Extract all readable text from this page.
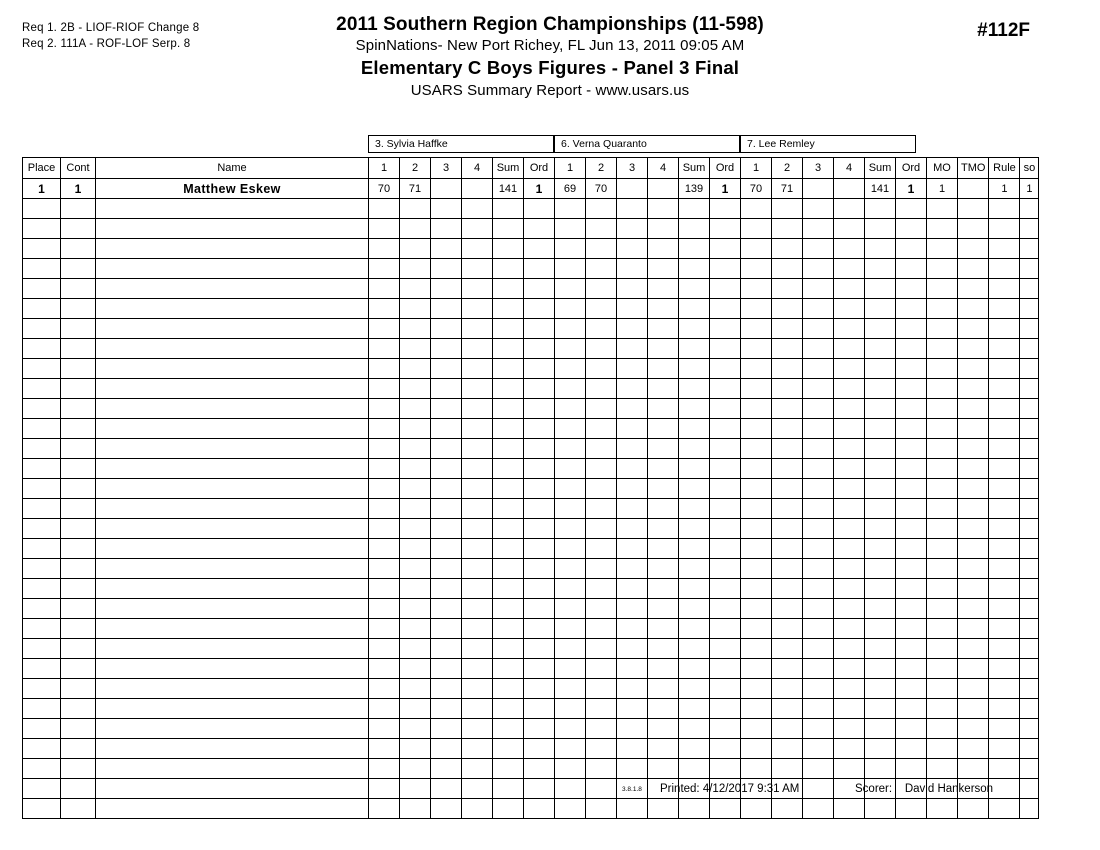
Req 1. 2B - LIOF-RIOF Change 8
Req 2. 111A - ROF-LOF Serp. 8
2011 Southern Region Championships (11-598)
SpinNations- New Port Richey, FL Jun 13, 2011 09:05 AM
Elementary C Boys Figures - Panel 3 Final
USARS Summary Report - www.usars.us
#112F
3. Sylvia Haffke	6. Verna Quaranto	7. Lee Remley
Place	Cont	Name	1	2	3	4	Sum	Ord	1	2	3	4	Sum	Ord	1	2	3	4	Sum	Ord	MO	TMO	Rule	so
1	1	Matthew Eskew	70	71			141	1	69	70			139	1	70	71			141	1	1		1	1

3.8.1.8 Printed: 4/12/2017 9:31 AM	Scorer: David Hankerson
